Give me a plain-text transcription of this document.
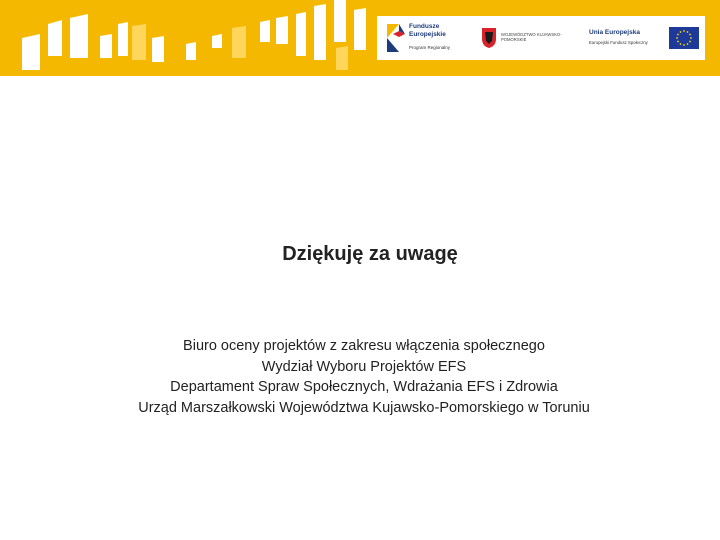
Fundusze Europejskie
Program Regionalny
WOJEWÓDZTWO KUJAWSKO-POMORSKIE
Unia Europejska
Europejski Fundusz Społeczny
Dziękuję za uwagę
Biuro oceny projektów z zakresu włączenia społecznego
Wydział Wyboru Projektów EFS
Departament Spraw Społecznych, Wdrażania EFS i Zdrowia
Urząd Marszałkowski Województwa Kujawsko-Pomorskiego w Toruniu
